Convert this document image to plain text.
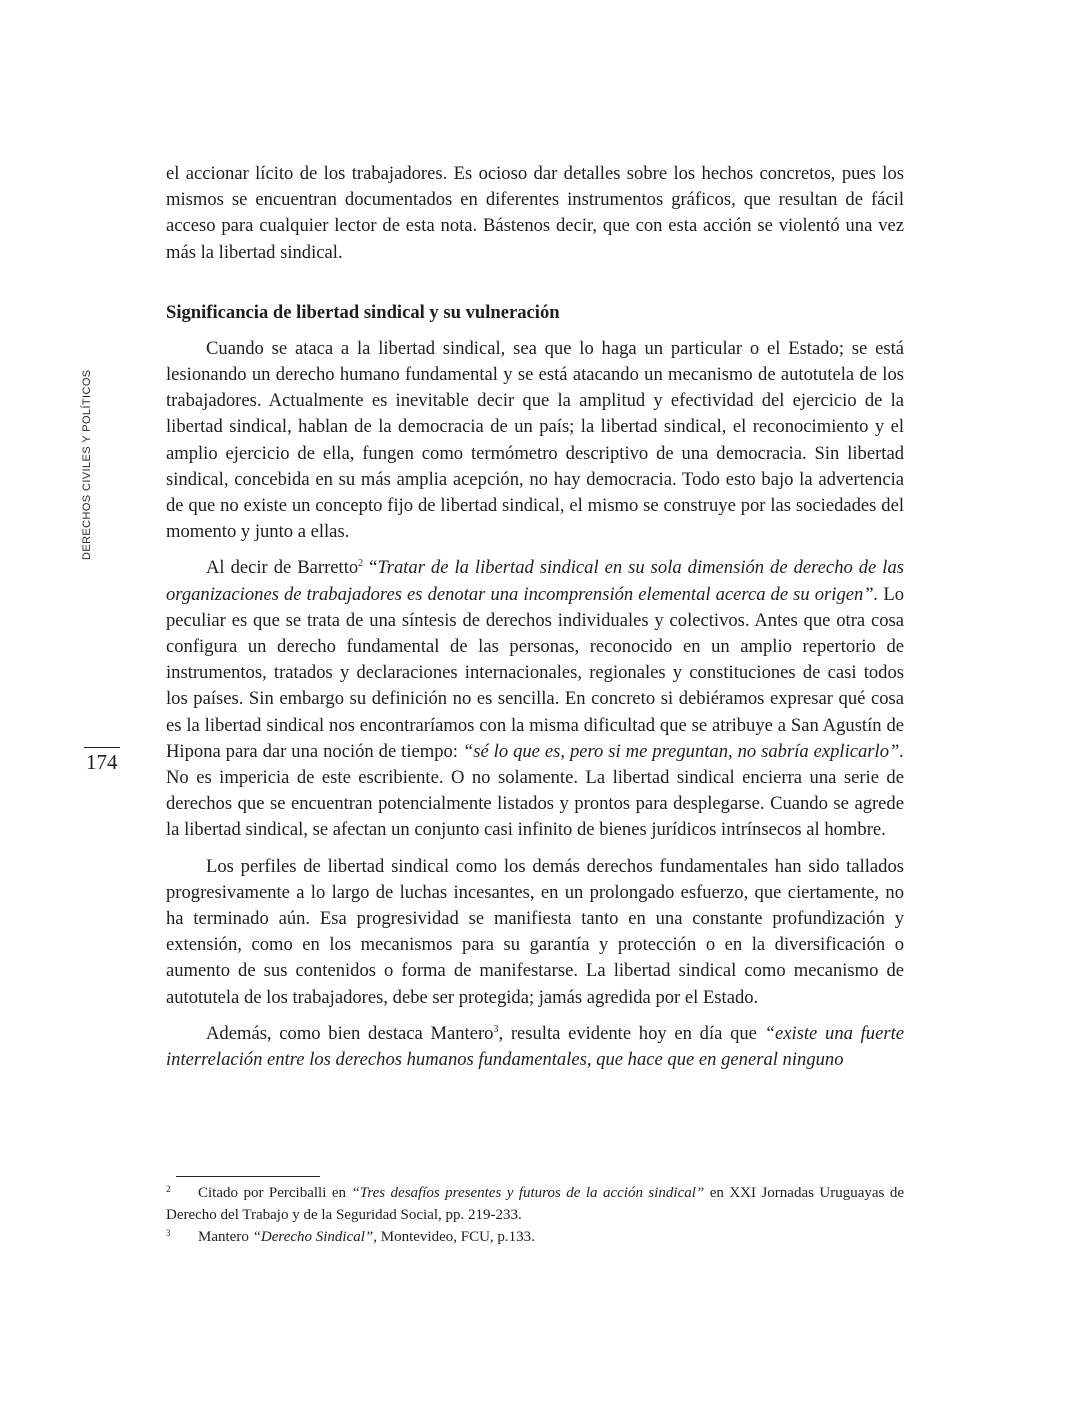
DERECHOS CIVILES Y POLÍTICOS
174

el accionar lícito de los trabajadores. Es ocioso dar detalles sobre los hechos concretos, pues los mismos se encuentran documentados en diferentes instrumentos gráficos, que resultan de fácil acceso para cualquier lector de esta nota. Bástenos decir, que con esta acción se violentó una vez más la libertad sindical.

Significancia de libertad sindical y su vulneración

Cuando se ataca a la libertad sindical, sea que lo haga un particular o el Estado; se está lesionando un derecho humano fundamental y se está atacando un mecanismo de autotutela de los trabajadores. Actualmente es inevitable decir que la amplitud y efectividad del ejercicio de la libertad sindical, hablan de la democracia de un país; la libertad sindical, el reconocimiento y el amplio ejercicio de ella, fungen como termómetro descriptivo de una democracia. Sin libertad sindical, concebida en su más amplia acepción, no hay democracia. Todo esto bajo la advertencia de que no existe un concepto fijo de libertad sindical, el mismo se construye por las sociedades del momento y junto a ellas.

Al decir de Barretto$^2$ “Tratar de la libertad sindical en su sola dimensión de derecho de las organizaciones de trabajadores es denotar una incomprensión elemental acerca de su origen”. Lo peculiar es que se trata de una síntesis de derechos individuales y colectivos. Antes que otra cosa configura un derecho fundamental de las personas, reconocido en un amplio repertorio de instrumentos, tratados y declaraciones internacionales, regionales y constituciones de casi todos los países. Sin embargo su definición no es sencilla. En concreto si debiéramos expresar qué cosa es la libertad sindical nos encontraríamos con la misma dificultad que se atribuye a San Agustín de Hipona para dar una noción de tiempo: “sé lo que es, pero si me preguntan, no sabría explicarlo”. No es impericia de este escribiente. O no solamente. La libertad sindical encierra una serie de derechos que se encuentran potencialmente listados y prontos para desplegarse. Cuando se agrede la libertad sindical, se afectan un conjunto casi infinito de bienes jurídicos intrínsecos al hombre.

Los perfiles de libertad sindical como los demás derechos fundamentales han sido tallados progresivamente a lo largo de luchas incesantes, en un prolongado esfuerzo, que ciertamente, no ha terminado aún. Esa progresividad se manifiesta tanto en una constante profundización y extensión, como en los mecanismos para su garantía y protección o en la diversificación o aumento de sus contenidos o forma de manifestarse. La libertad sindical como mecanismo de autotutela de los trabajadores, debe ser protegida; jamás agredida por el Estado.

Además, como bien destaca Mantero$^3$, resulta evidente hoy en día que “existe una fuerte interrelación entre los derechos humanos fundamentales, que hace que en general ninguno

2 Citado por Perciballi en “Tres desafíos presentes y futuros de la acción sindical” en XXI Jornadas Uruguayas de Derecho del Trabajo y de la Seguridad Social, pp. 219-233.

3 Mantero “Derecho Sindical”, Montevideo, FCU, p.133.
